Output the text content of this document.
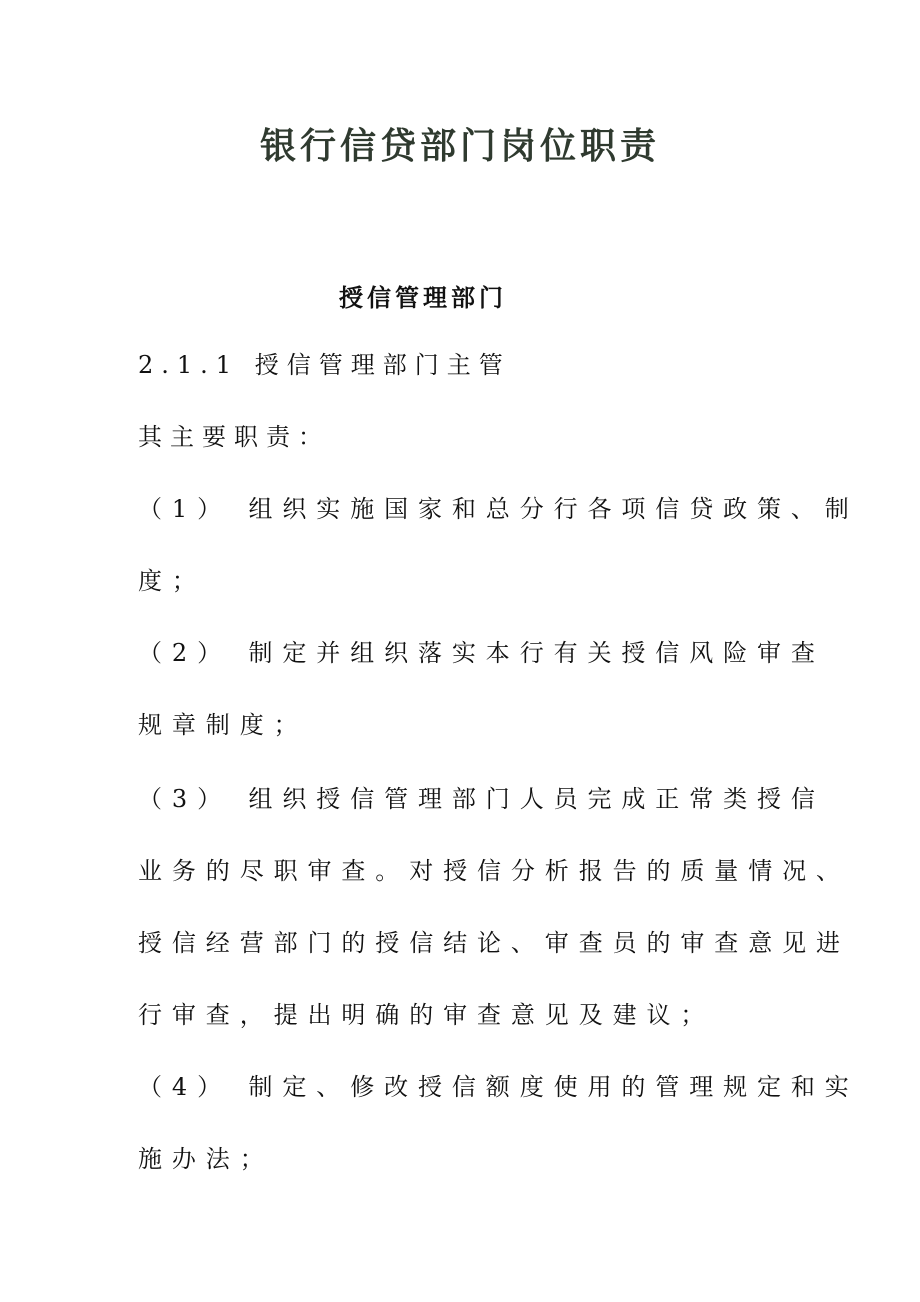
银行信贷部门岗位职责
授信管理部门
2.1.1 授信管理部门主管
其主要职责：
（1） 组织实施国家和总分行各项信贷政策、制
度；
（2） 制定并组织落实本行有关授信风险审查
规章制度；
（3） 组织授信管理部门人员完成正常类授信
业务的尽职审查。对授信分析报告的质量情况、
授信经营部门的授信结论、审查员的审查意见进
行审查，提出明确的审查意见及建议；
（4） 制定、修改授信额度使用的管理规定和实
施办法；
